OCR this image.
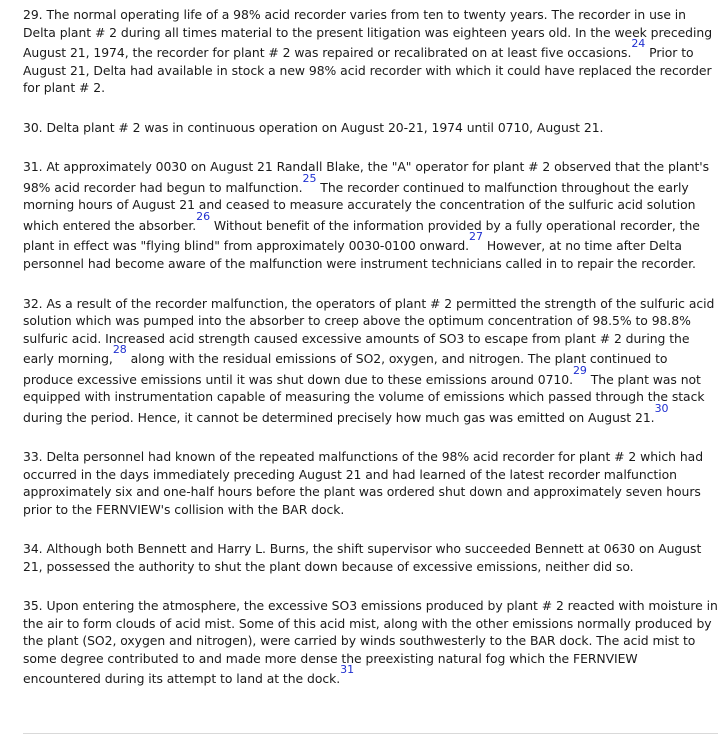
29. The normal operating life of a 98% acid recorder varies from ten to twenty years. The recorder in use in Delta plant # 2 during all times material to the present litigation was eighteen years old. In the week preceding August 21, 1974, the recorder for plant # 2 was repaired or recalibrated on at least five occasions.$^{24}$ Prior to August 21, Delta had available in stock a new 98% acid recorder with which it could have replaced the recorder for plant # 2.

30. Delta plant # 2 was in continuous operation on August 20-21, 1974 until 0710, August 21.

31. At approximately 0030 on August 21 Randall Blake, the "A" operator for plant # 2 observed that the plant's 98% acid recorder had begun to malfunction.$^{25}$ The recorder continued to malfunction throughout the early morning hours of August 21 and ceased to measure accurately the concentration of the sulfuric acid solution which entered the absorber.$^{26}$ Without benefit of the information provided by a fully operational recorder, the plant in effect was "flying blind" from approximately 0030-0100 onward.$^{27}$ However, at no time after Delta personnel had become aware of the malfunction were instrument technicians called in to repair the recorder.

32. As a result of the recorder malfunction, the operators of plant # 2 permitted the strength of the sulfuric acid solution which was pumped into the absorber to creep above the optimum concentration of 98.5% to 98.8% sulfuric acid. Increased acid strength caused excessive amounts of SO3 to escape from plant # 2 during the early morning,$^{28}$ along with the residual emissions of SO2, oxygen, and nitrogen. The plant continued to produce excessive emissions until it was shut down due to these emissions around 0710.29 The plant was not equipped with instrumentation capable of measuring the volume of emissions which passed through the stack during the period. Hence, it cannot be determined precisely how much gas was emitted on August 21.30

33. Delta personnel had known of the repeated malfunctions of the 98% acid recorder for plant # 2 which had occurred in the days immediately preceding August 21 and had learned of the latest recorder malfunction approximately six and one-half hours before the plant was ordered shut down and approximately seven hours prior to the FERNVIEW's collision with the BAR dock.

34. Although both Bennett and Harry L. Burns, the shift supervisor who succeeded Bennett at 0630 on August 21, possessed the authority to shut the plant down because of excessive emissions, neither did so.

35. Upon entering the atmosphere, the excessive SO3 emissions produced by plant # 2 reacted with moisture in the air to form clouds of acid mist. Some of this acid mist, along with the other emissions normally produced by the plant (SO2, oxygen and nitrogen), were carried by winds southwesterly to the BAR dock. The acid mist to some degree contributed to and made more dense the preexisting natural fog which the FERNVIEW encountered during its attempt to land at the dock.$^{31}$
